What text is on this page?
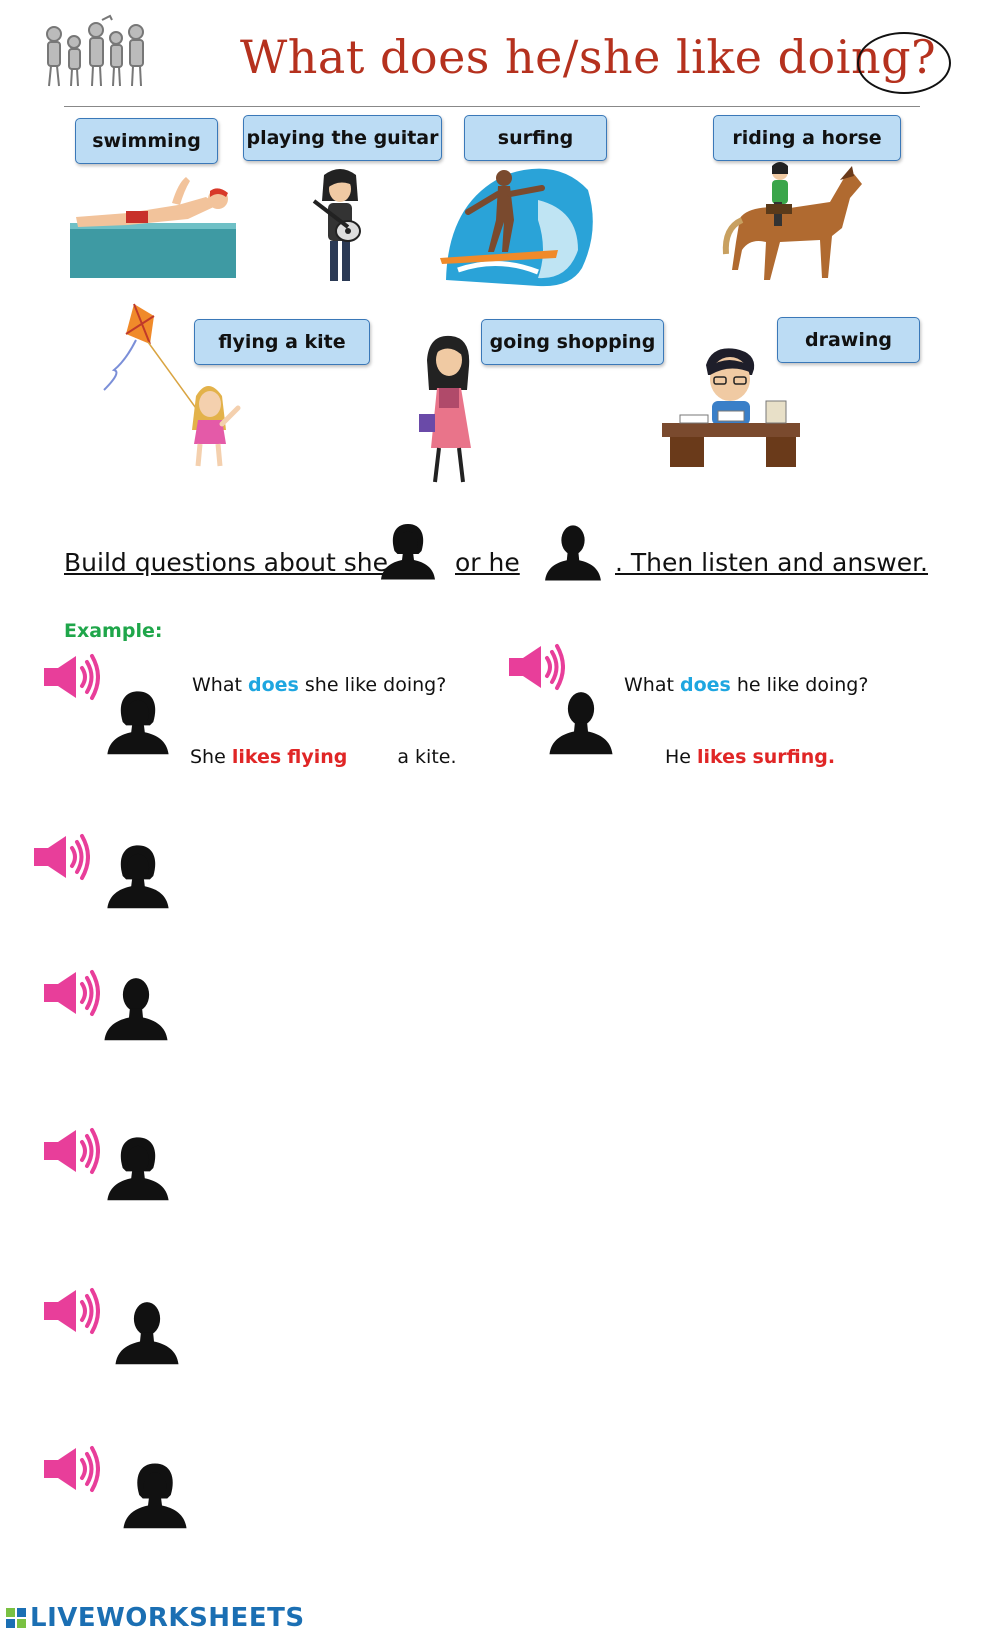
What does he/she like doing?
swimming	playing the guitar	surfing	riding a horse
flying a kite	going shopping	drawing
Build questions about she	or he	. Then listen and answer.
Example:
What does she like doing?
She likes flying	a kite.
What does he like doing?
He likes surfing.
LIVEWORKSHEETS
